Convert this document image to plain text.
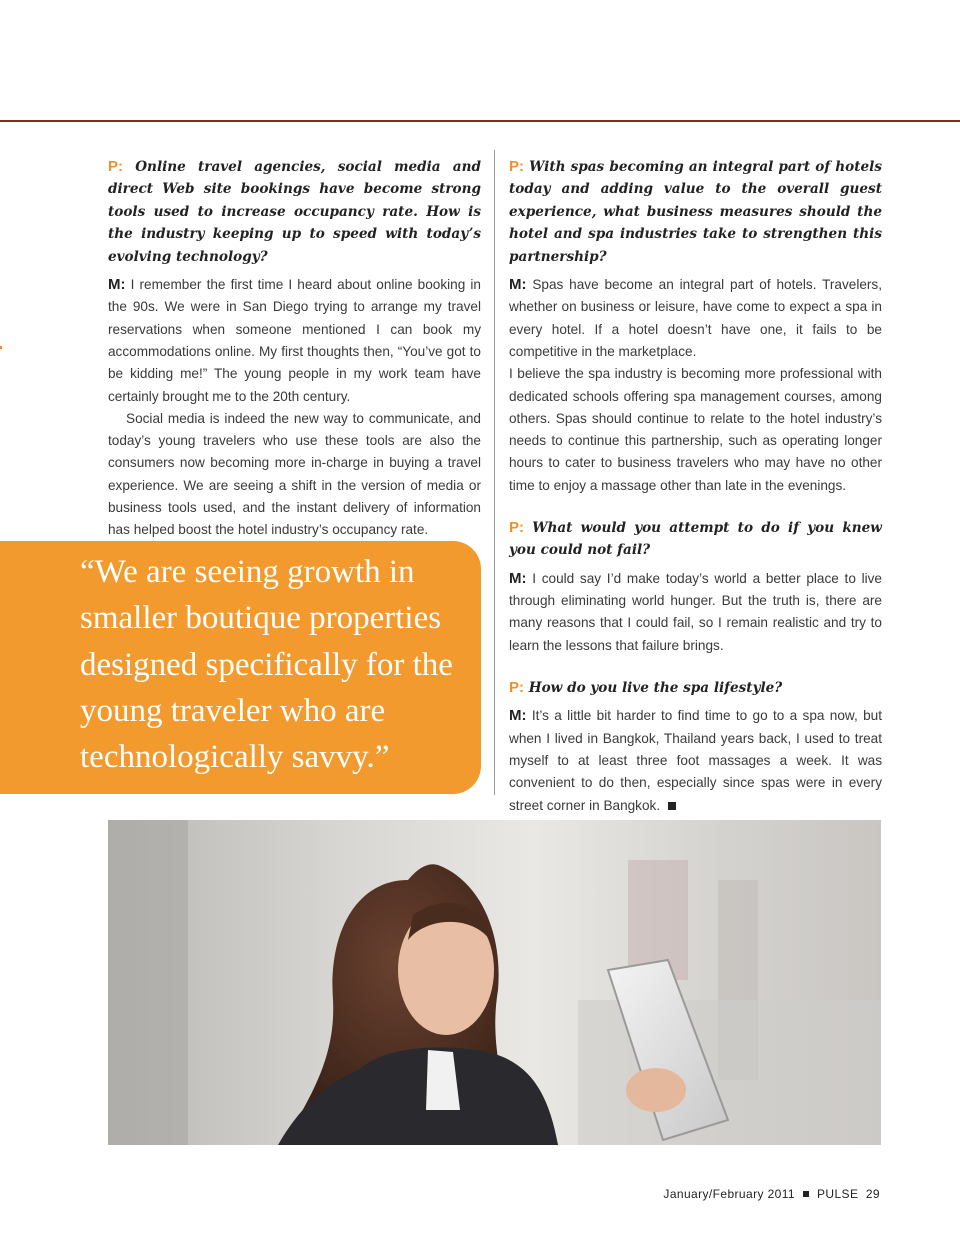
P: Online travel agencies, social media and direct Web site bookings have become strong tools used to increase occupancy rate. How is the industry keeping up to speed with today’s evolving technology?

M: I remember the first time I heard about online booking in the 90s. We were in San Diego trying to arrange my travel reservations when someone mentioned I can book my accommodations online. My first thoughts then, “You’ve got to be kidding me!” The young people in my work team have certainly brought me to the 20th century.

Social media is indeed the new way to communicate, and today’s young travelers who use these tools are also the consumers now becoming more in-charge in buying a travel experience. We are seeing a shift in the version of media or business tools used, and the instant delivery of information has helped boost the hotel industry’s occupancy rate.

“We are seeing growth in smaller boutique properties designed specifically for the young traveler who are technologically savvy.”

P: With spas becoming an integral part of hotels today and adding value to the overall guest experience, what business measures should the hotel and spa industries take to strengthen this partnership?

M: Spas have become an integral part of hotels. Travelers, whether on business or leisure, have come to expect a spa in every hotel. If a hotel doesn’t have one, it fails to be competitive in the marketplace.

I believe the spa industry is becoming more professional with dedicated schools offering spa management courses, among others. Spas should continue to relate to the hotel industry’s needs to continue this partnership, such as operating longer hours to cater to business travelers who may have no other time to enjoy a massage other than late in the evenings.

P: What would you attempt to do if you knew you could not fail?

M: I could say I’d make today’s world a better place to live through eliminating world hunger. But the truth is, there are many reasons that I could fail, so I remain realistic and try to learn the lessons that failure brings.

P: How do you live the spa lifestyle?

M: It’s a little bit harder to find time to go to a spa now, but when I lived in Bangkok, Thailand years back, I used to treat myself to at least three foot massages a week. It was convenient to do then, especially since spas were in every street corner in Bangkok.

January/February 2011 PULSE 29
